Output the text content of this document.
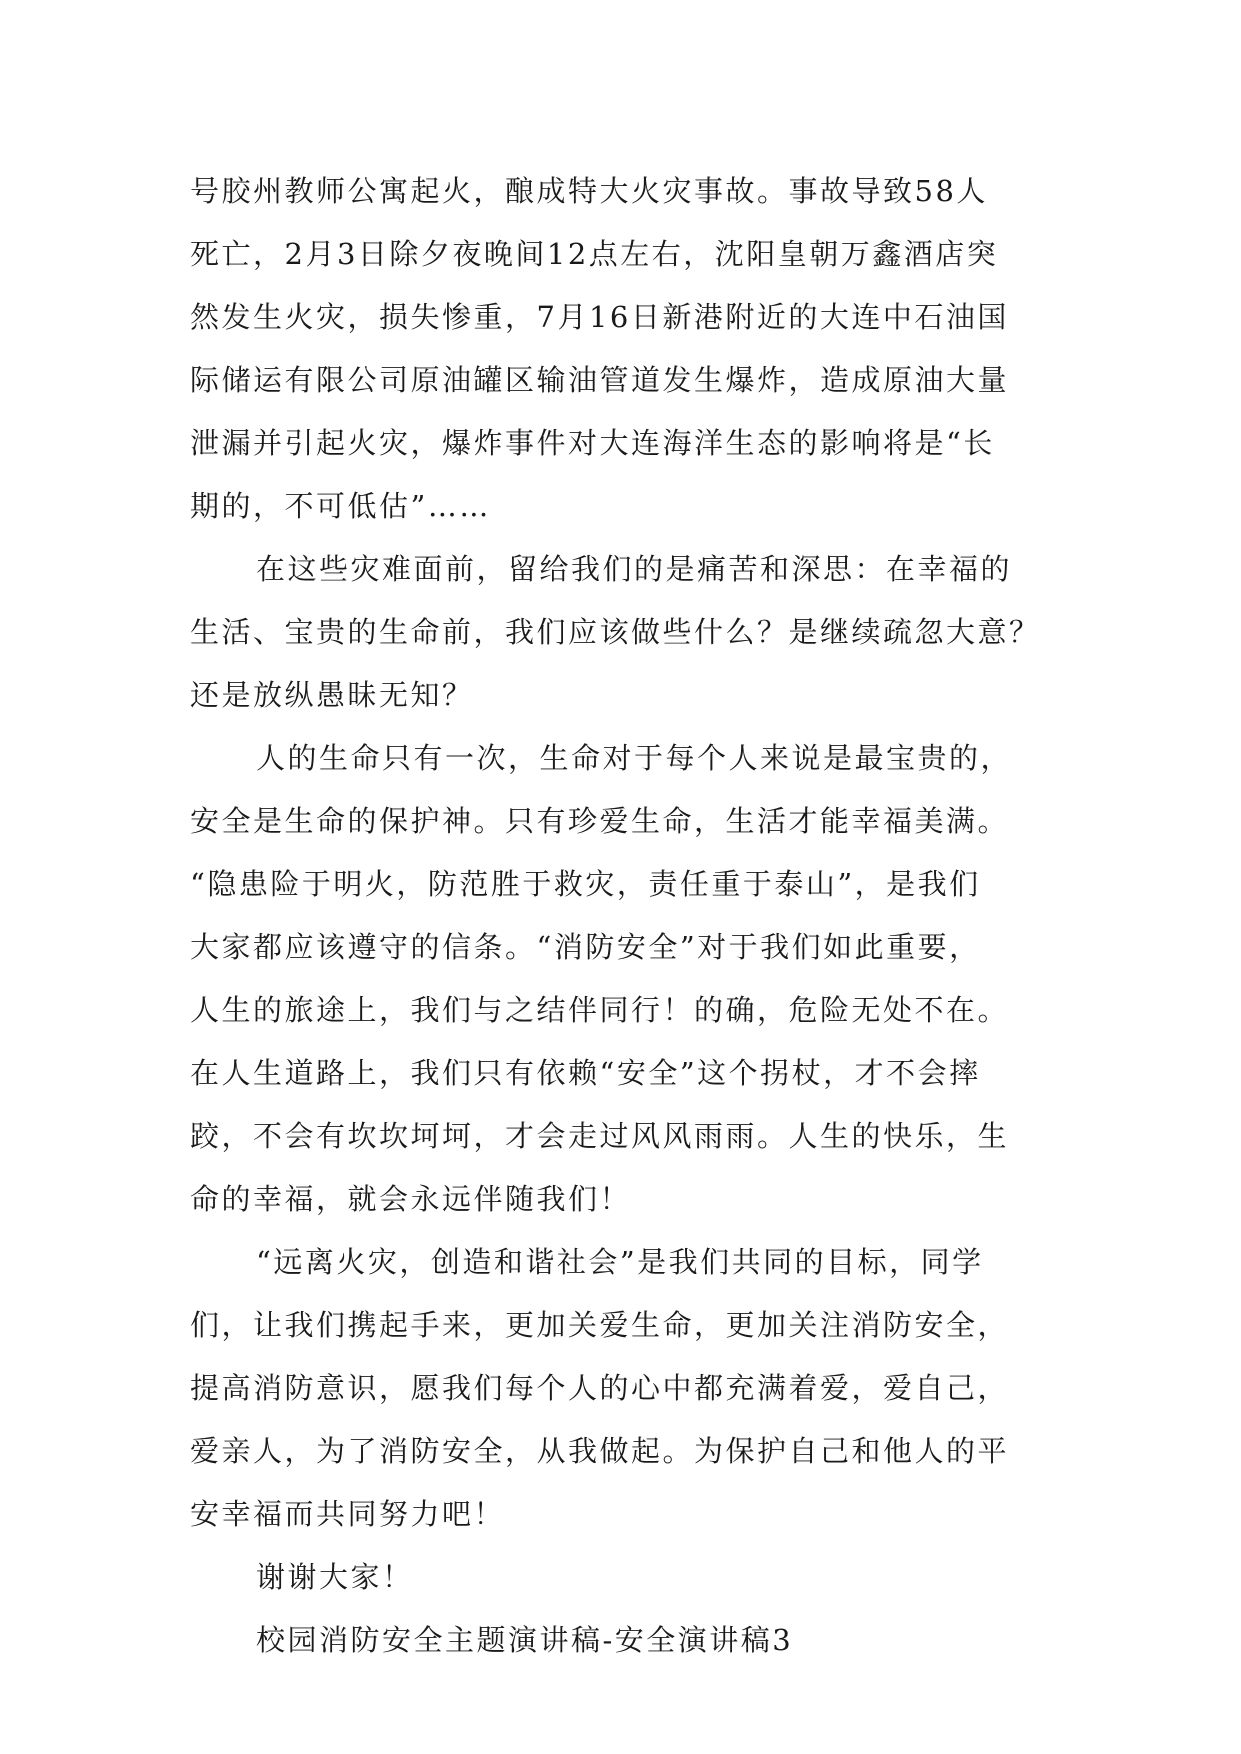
号胶州教师公寓起火，酿成特大火灾事故。事故导致58人
死亡，2月3日除夕夜晚间12点左右，沈阳皇朝万鑫酒店突
然发生火灾，损失惨重，7月16日新港附近的大连中石油国
际储运有限公司原油罐区输油管道发生爆炸，造成原油大量
泄漏并引起火灾，爆炸事件对大连海洋生态的影响将是“长
期的，不可低估”……
在这些灾难面前，留给我们的是痛苦和深思：在幸福的
生活、宝贵的生命前，我们应该做些什么？是继续疏忽大意？
还是放纵愚昧无知？
人的生命只有一次，生命对于每个人来说是最宝贵的，
安全是生命的保护神。只有珍爱生命，生活才能幸福美满。
“隐患险于明火，防范胜于救灾，责任重于泰山”，是我们
大家都应该遵守的信条。“消防安全”对于我们如此重要，
人生的旅途上，我们与之结伴同行！的确，危险无处不在。
在人生道路上，我们只有依赖“安全”这个拐杖，才不会摔
跤，不会有坎坎坷坷，才会走过风风雨雨。人生的快乐，生
命的幸福，就会永远伴随我们！
“远离火灾，创造和谐社会”是我们共同的目标，同学
们，让我们携起手来，更加关爱生命，更加关注消防安全，
提高消防意识，愿我们每个人的心中都充满着爱，爱自己，
爱亲人，为了消防安全，从我做起。为保护自己和他人的平
安幸福而共同努力吧！
谢谢大家！
校园消防安全主题演讲稿-安全演讲稿3
